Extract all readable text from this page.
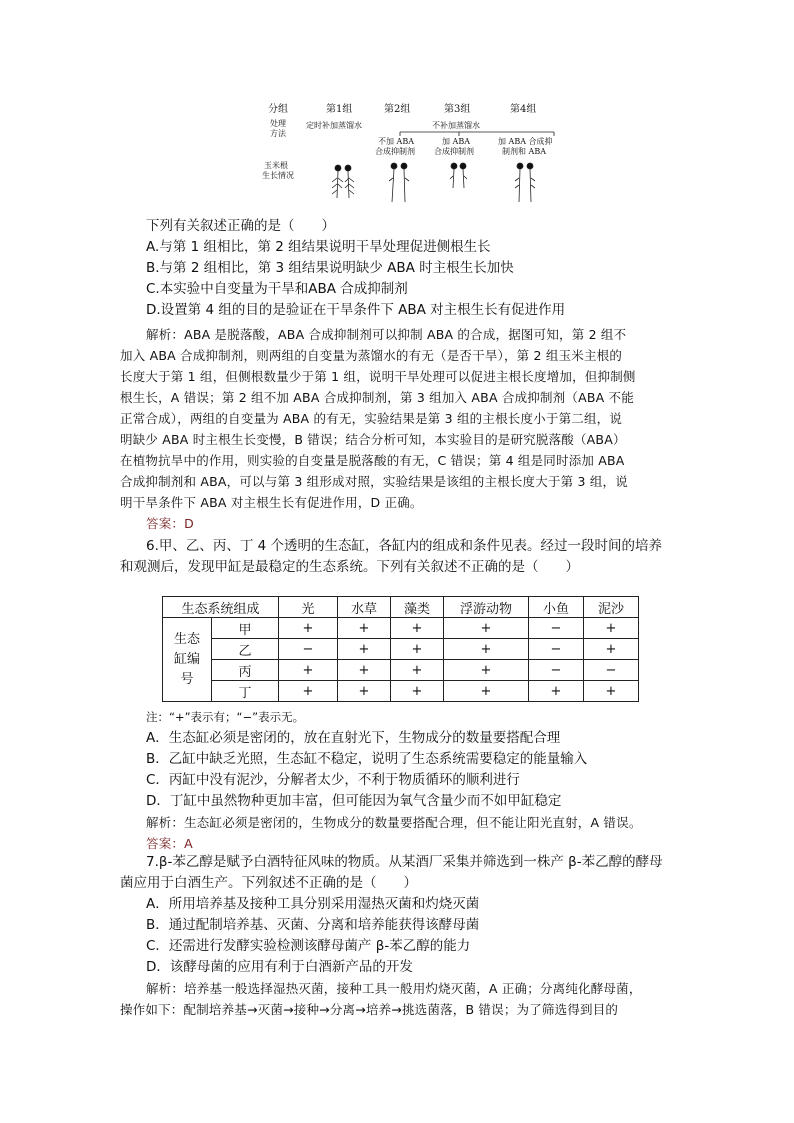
分组	第1组	第2组	第3组	第4组
处理
方法
定时补加蒸馏水	不补加蒸馏水
不加 ABA
合成抑制剂
加 ABA
合成抑制剂
加 ABA 合成抑
制剂和 ABA
玉米根
生长情况

下列有关叙述正确的是（　　）

A.与第 1 组相比，第 2 组结果说明干旱处理促进侧根生长

B.与第 2 组相比，第 3 组结果说明缺少 ABA 时主根生长加快

C.本实验中自变量为干旱和ABA 合成抑制剂

D.设置第 4 组的目的是验证在干旱条件下 ABA 对主根生长有促进作用

解析：ABA 是脱落酸，ABA 合成抑制剂可以抑制 ABA 的合成，据图可知，第 2 组不

加入 ABA 合成抑制剂，则两组的自变量为蒸馏水的有无（是否干旱），第 2 组玉米主根的

长度大于第 1 组，但侧根数量少于第 1 组，说明干旱处理可以促进主根长度增加，但抑制侧

根生长，A 错误；第 2 组不加 ABA 合成抑制剂，第 3 组加入 ABA 合成抑制剂（ABA 不能

正常合成），两组的自变量为 ABA 的有无，实验结果是第 3 组的主根长度小于第二组，说

明缺少 ABA 时主根生长变慢，B 错误；结合分析可知，本实验目的是研究脱落酸（ABA）

在植物抗旱中的作用，则实验的自变量是脱落酸的有无，C 错误；第 4 组是同时添加 ABA

合成抑制剂和 ABA，可以与第 3 组形成对照，实验结果是该组的主根长度大于第 3 组，说

明干旱条件下 ABA 对主根生长有促进作用，D 正确。

答案：D

6.甲、乙、丙、丁 4 个透明的生态缸，各缸内的组成和条件见表。经过一段时间的培养

和观测后，发现甲缸是最稳定的生态系统。下列有关叙述不正确的是（　　）

生态系统组成		光	水草	藻类	浮游动物	小鱼	泥沙

生态
缸编
号	甲	+	+	+	+	−	+
	乙	−	+	+	+	−	+
	丙	+	+	+	+	−	−
	丁	+	+	+	+	+	+
注：“+”表示有；“−”表示无。

A．生态缸必须是密闭的，放在直射光下，生物成分的数量要搭配合理

B．乙缸中缺乏光照，生态缸不稳定，说明了生态系统需要稳定的能量输入

C．丙缸中没有泥沙，分解者太少，不利于物质循环的顺利进行

D．丁缸中虽然物种更加丰富，但可能因为氧气含量少而不如甲缸稳定

解析：生态缸必须是密闭的，生物成分的数量要搭配合理，但不能让阳光直射，A 错误。

答案：A

7.β-苯乙醇是赋予白酒特征风味的物质。从某酒厂采集并筛选到一株产 β-苯乙醇的酵母

菌应用于白酒生产。下列叙述不正确的是（　　）

A．所用培养基及接种工具分别采用湿热灭菌和灼烧灭菌

B．通过配制培养基、灭菌、分离和培养能获得该酵母菌

C．还需进行发酵实验检测该酵母菌产 β-苯乙醇的能力

D．该酵母菌的应用有利于白酒新产品的开发

解析：培养基一般选择湿热灭菌，接种工具一般用灼烧灭菌，A 正确；分离纯化酵母菌，

操作如下：配制培养基→灭菌→接种→分离→培养→挑选菌落，B 错误；为了筛选得到目的
